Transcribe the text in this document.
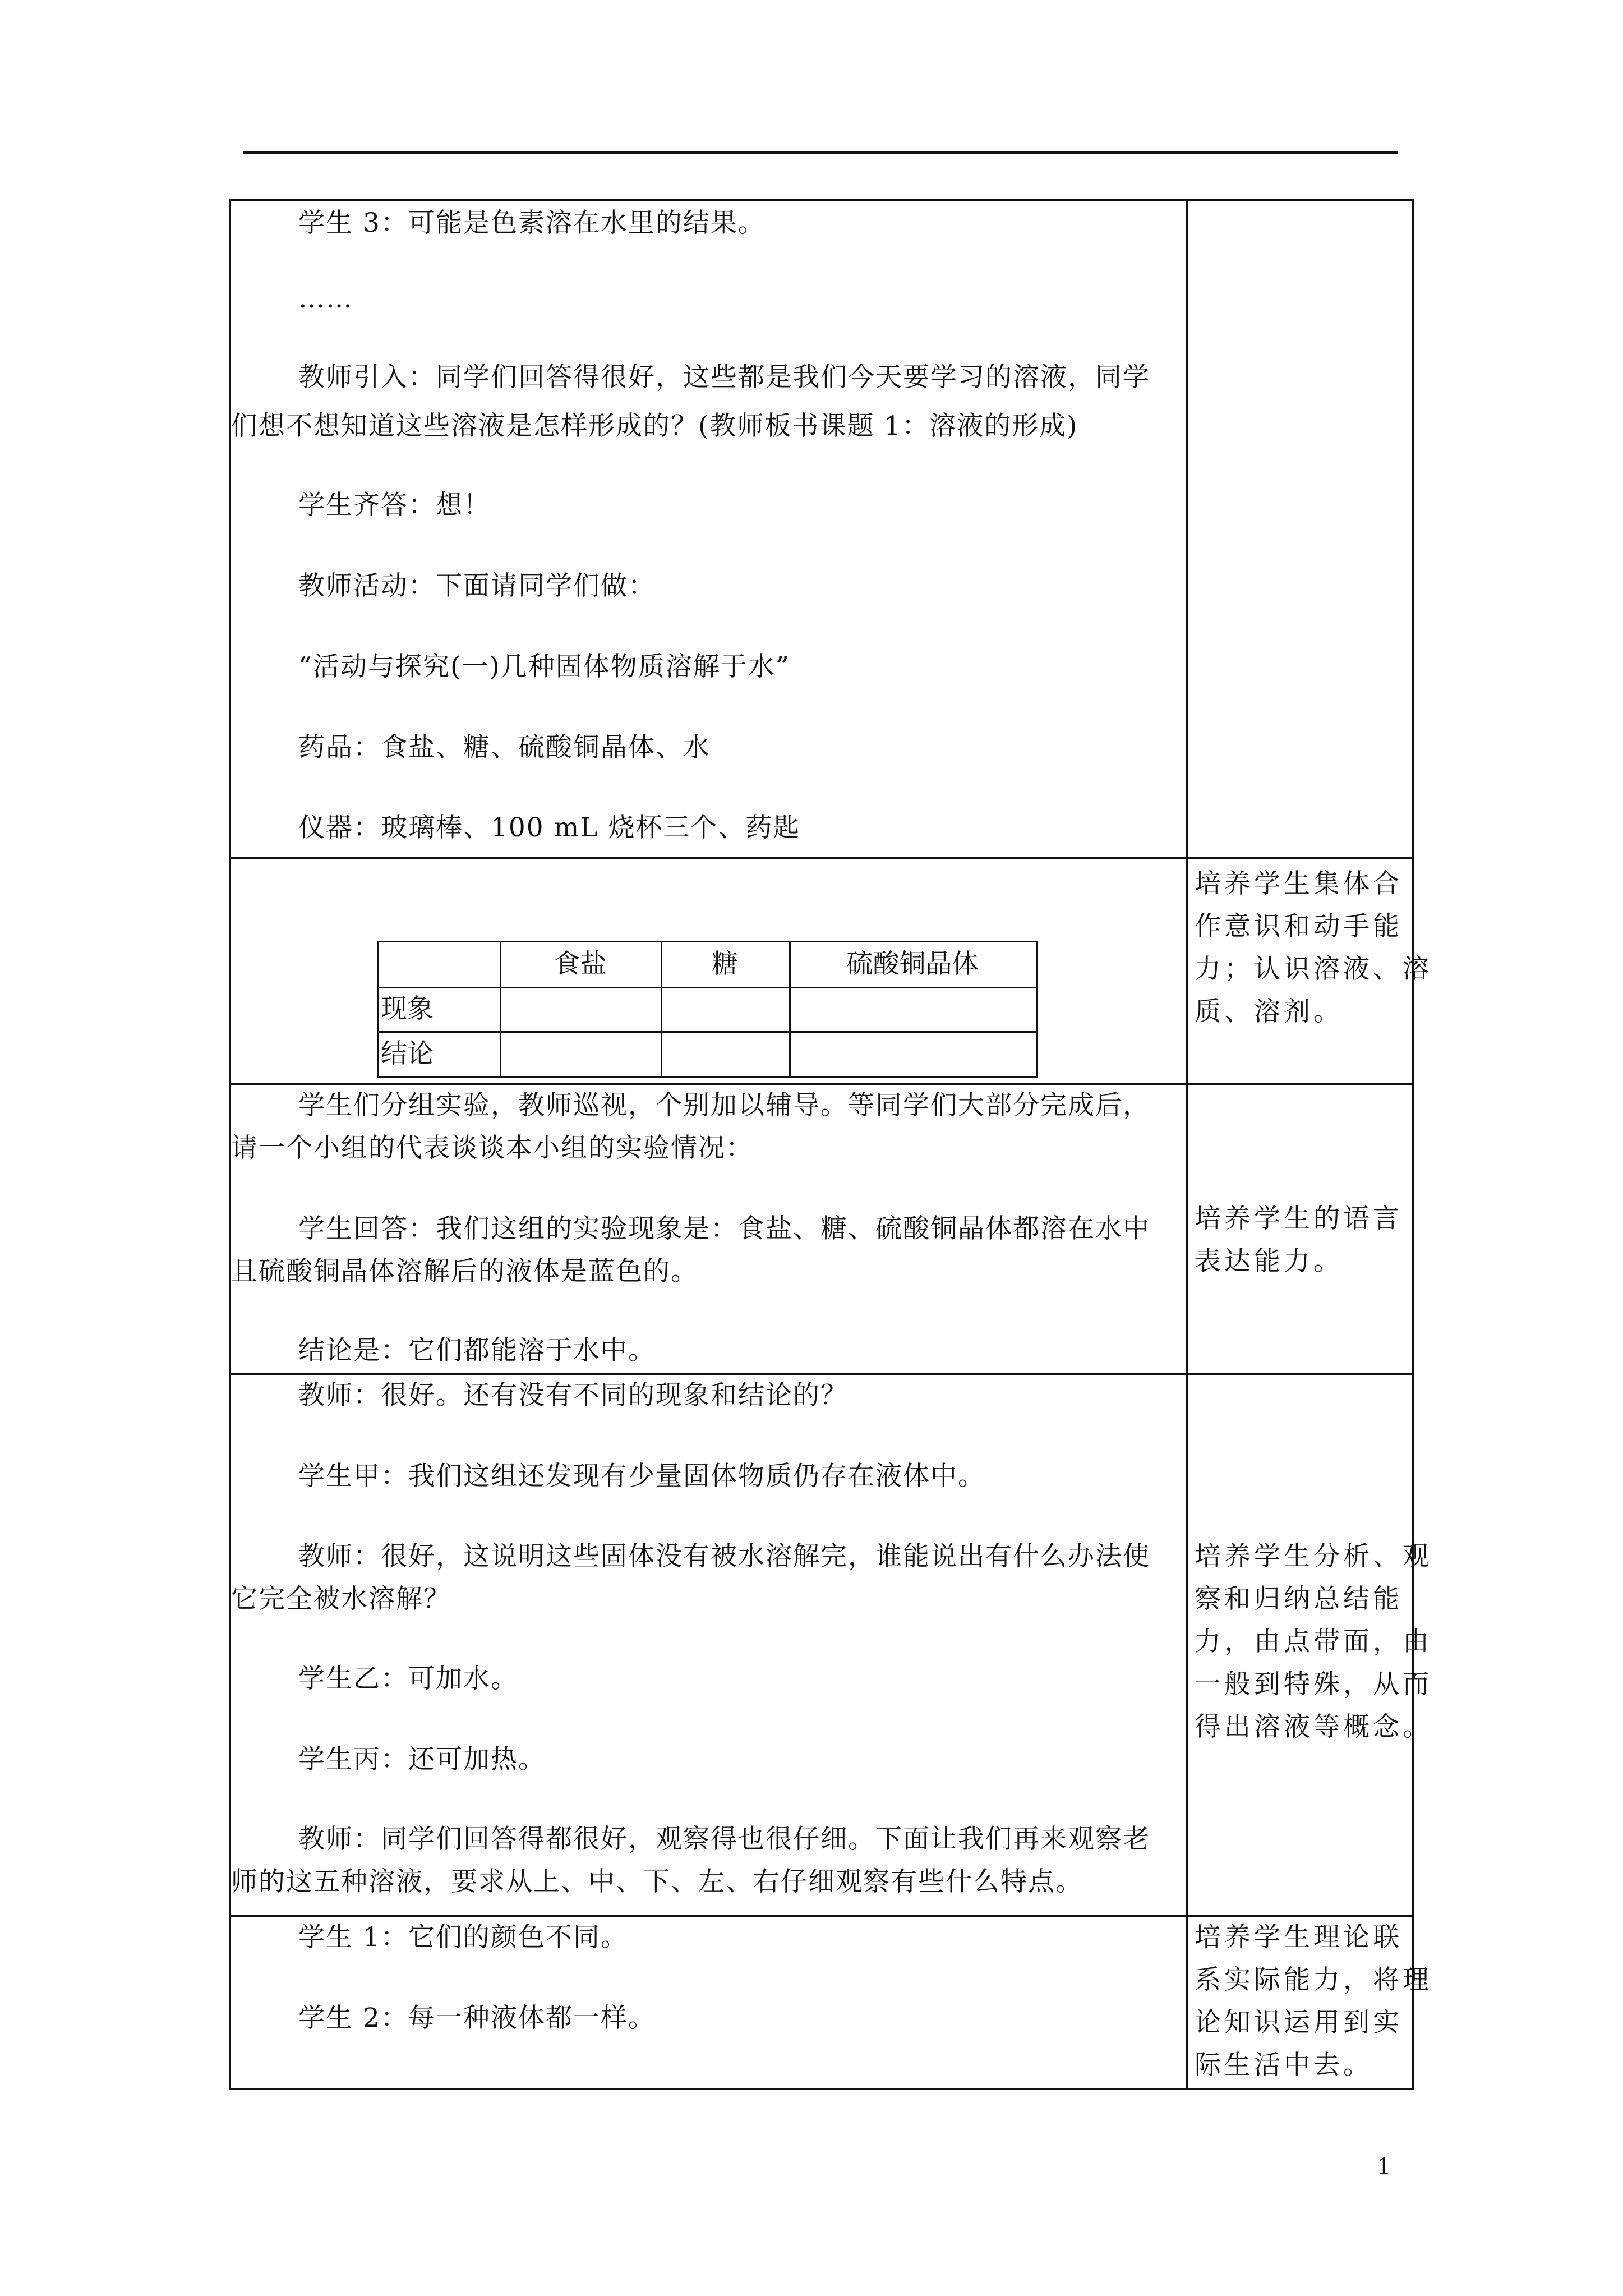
学生 3：可能是色素溶在水里的结果。
……
教师引入：同学们回答得很好，这些都是我们今天要学习的溶液，同学
们想不想知道这些溶液是怎样形成的？(教师板书课题 1：溶液的形成)
学生齐答：想！
教师活动：下面请同学们做：
“活动与探究(一)几种固体物质溶解于水”
药品：食盐、糖、硫酸铜晶体、水
仪器：玻璃棒、100 mL 烧杯三个、药匙
培养学生集体合
作意识和动手能
力；认识溶液、溶
质、溶剂。
学生们分组实验，教师巡视，个别加以辅导。等同学们大部分完成后，
请一个小组的代表谈谈本小组的实验情况：
学生回答：我们这组的实验现象是：食盐、糖、硫酸铜晶体都溶在水中
且硫酸铜晶体溶解后的液体是蓝色的。
结论是：它们都能溶于水中。
培养学生的语言
表达能力。
教师：很好。还有没有不同的现象和结论的？
学生甲：我们这组还发现有少量固体物质仍存在液体中。
教师：很好，这说明这些固体没有被水溶解完，谁能说出有什么办法使
它完全被水溶解？
学生乙：可加水。
学生丙：还可加热。
教师：同学们回答得都很好，观察得也很仔细。下面让我们再来观察老
师的这五种溶液，要求从上、中、下、左、右仔细观察有些什么特点。
培养学生分析、观
察和归纳总结能
力，由点带面，由
一般到特殊，从而
得出溶液等概念。
学生 1：它们的颜色不同。
学生 2：每一种液体都一样。
培养学生理论联
系实际能力，将理
论知识运用到实
际生活中去。
食盐	糖	硫酸铜晶体
现象
结论
1
